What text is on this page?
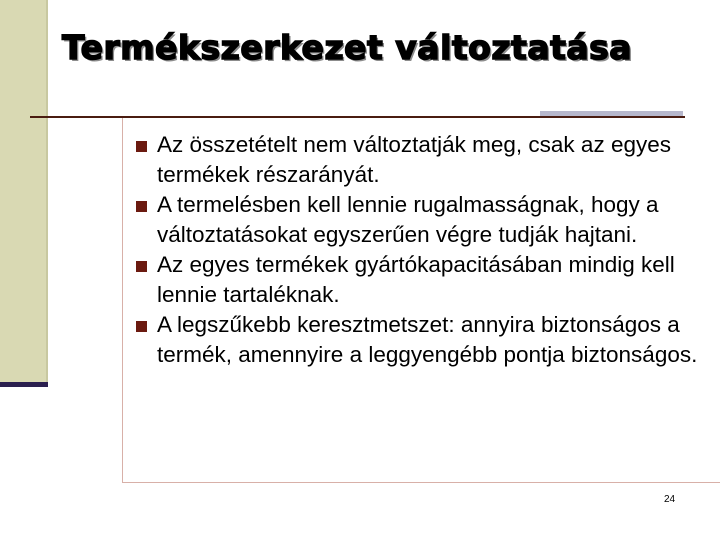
Termékszerkezet változtatása
Az összetételt nem változtatják meg, csak az egyes termékek részarányát.
A termelésben kell lennie rugalmasságnak, hogy a változtatásokat egyszerűen végre tudják hajtani.
Az egyes termékek gyártókapacitásában mindig kell lennie tartaléknak.
A legszűkebb keresztmetszet: annyira biztonságos a termék, amennyire a leggyengébb pontja biztonságos.
24
